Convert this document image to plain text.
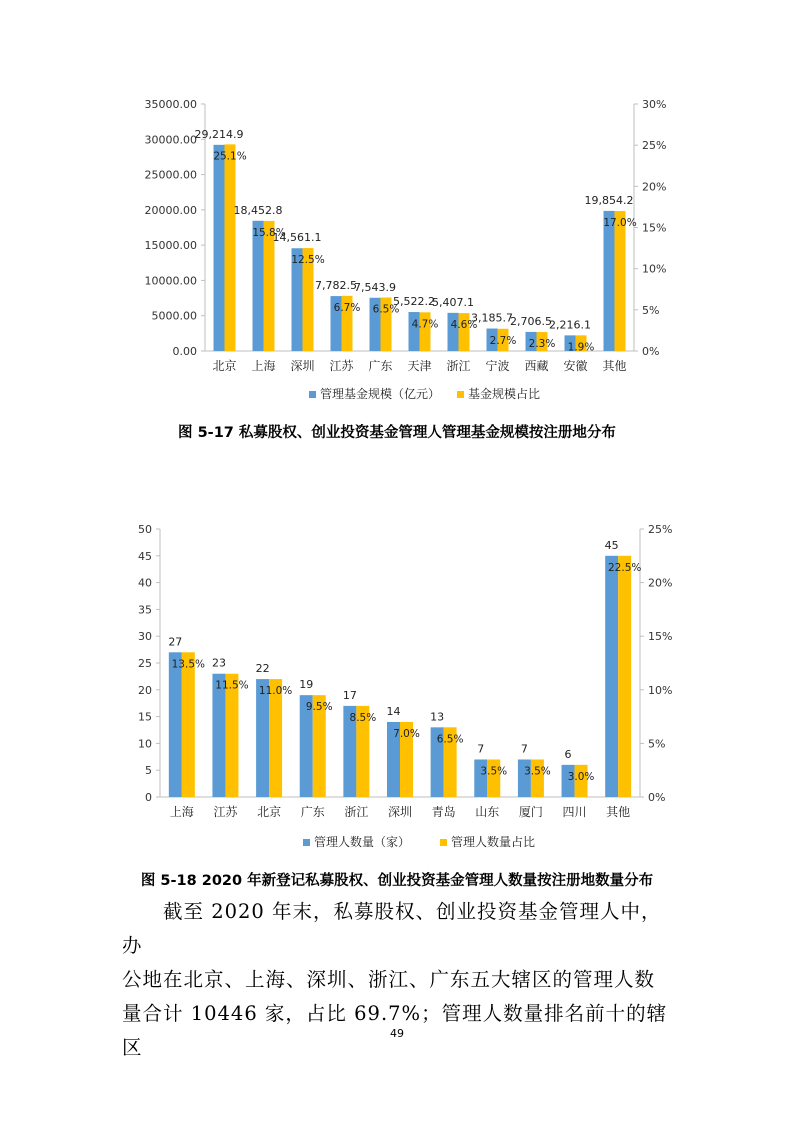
0.00
5000.00
10000.00
15000.00
20000.00
25000.00
30000.00
35000.00
0%
5%
10%
15%
20%
25%
30%
29,214.9
25.1%
北京
18,452.8
15.8%
上海
14,561.1
12.5%
深圳
7,782.5
6.7%
江苏
7,543.9
6.5%
广东
5,522.2
4.7%
天津
5,407.1
4.6%
浙江
3,185.7
2.7%
宁波
2,706.5
2.3%
西藏
2,216.1
1.9%
安徽
19,854.2
17.0%
其他
管理基金规模（亿元） 基金规模占比
图 5-17 私募股权、创业投资基金管理人管理基金规模按注册地分布
0
5
10
15
20
25
30
35
40
45
50
0%
5%
10%
15%
20%
25%
27
13.5%
上海
23
11.5%
江苏
22
11.0%
北京
19
9.5%
广东
17
8.5%
浙江
14
7.0%
深圳
13
6.5%
青岛
7
3.5%
山东
7
3.5%
厦门
6
3.0%
四川
45
22.5%
其他
管理人数量（家）	管理人数量占比
图 5-18 2020 年新登记私募股权、创业投资基金管理人数量按注册地数量分布

截至 2020 年末，私募股权、创业投资基金管理人中，办

公地在北京、上海、深圳、浙江、广东五大辖区的管理人数
量合计 10446 家，占比 69.7%；管理人数量排名前十的辖区
49
